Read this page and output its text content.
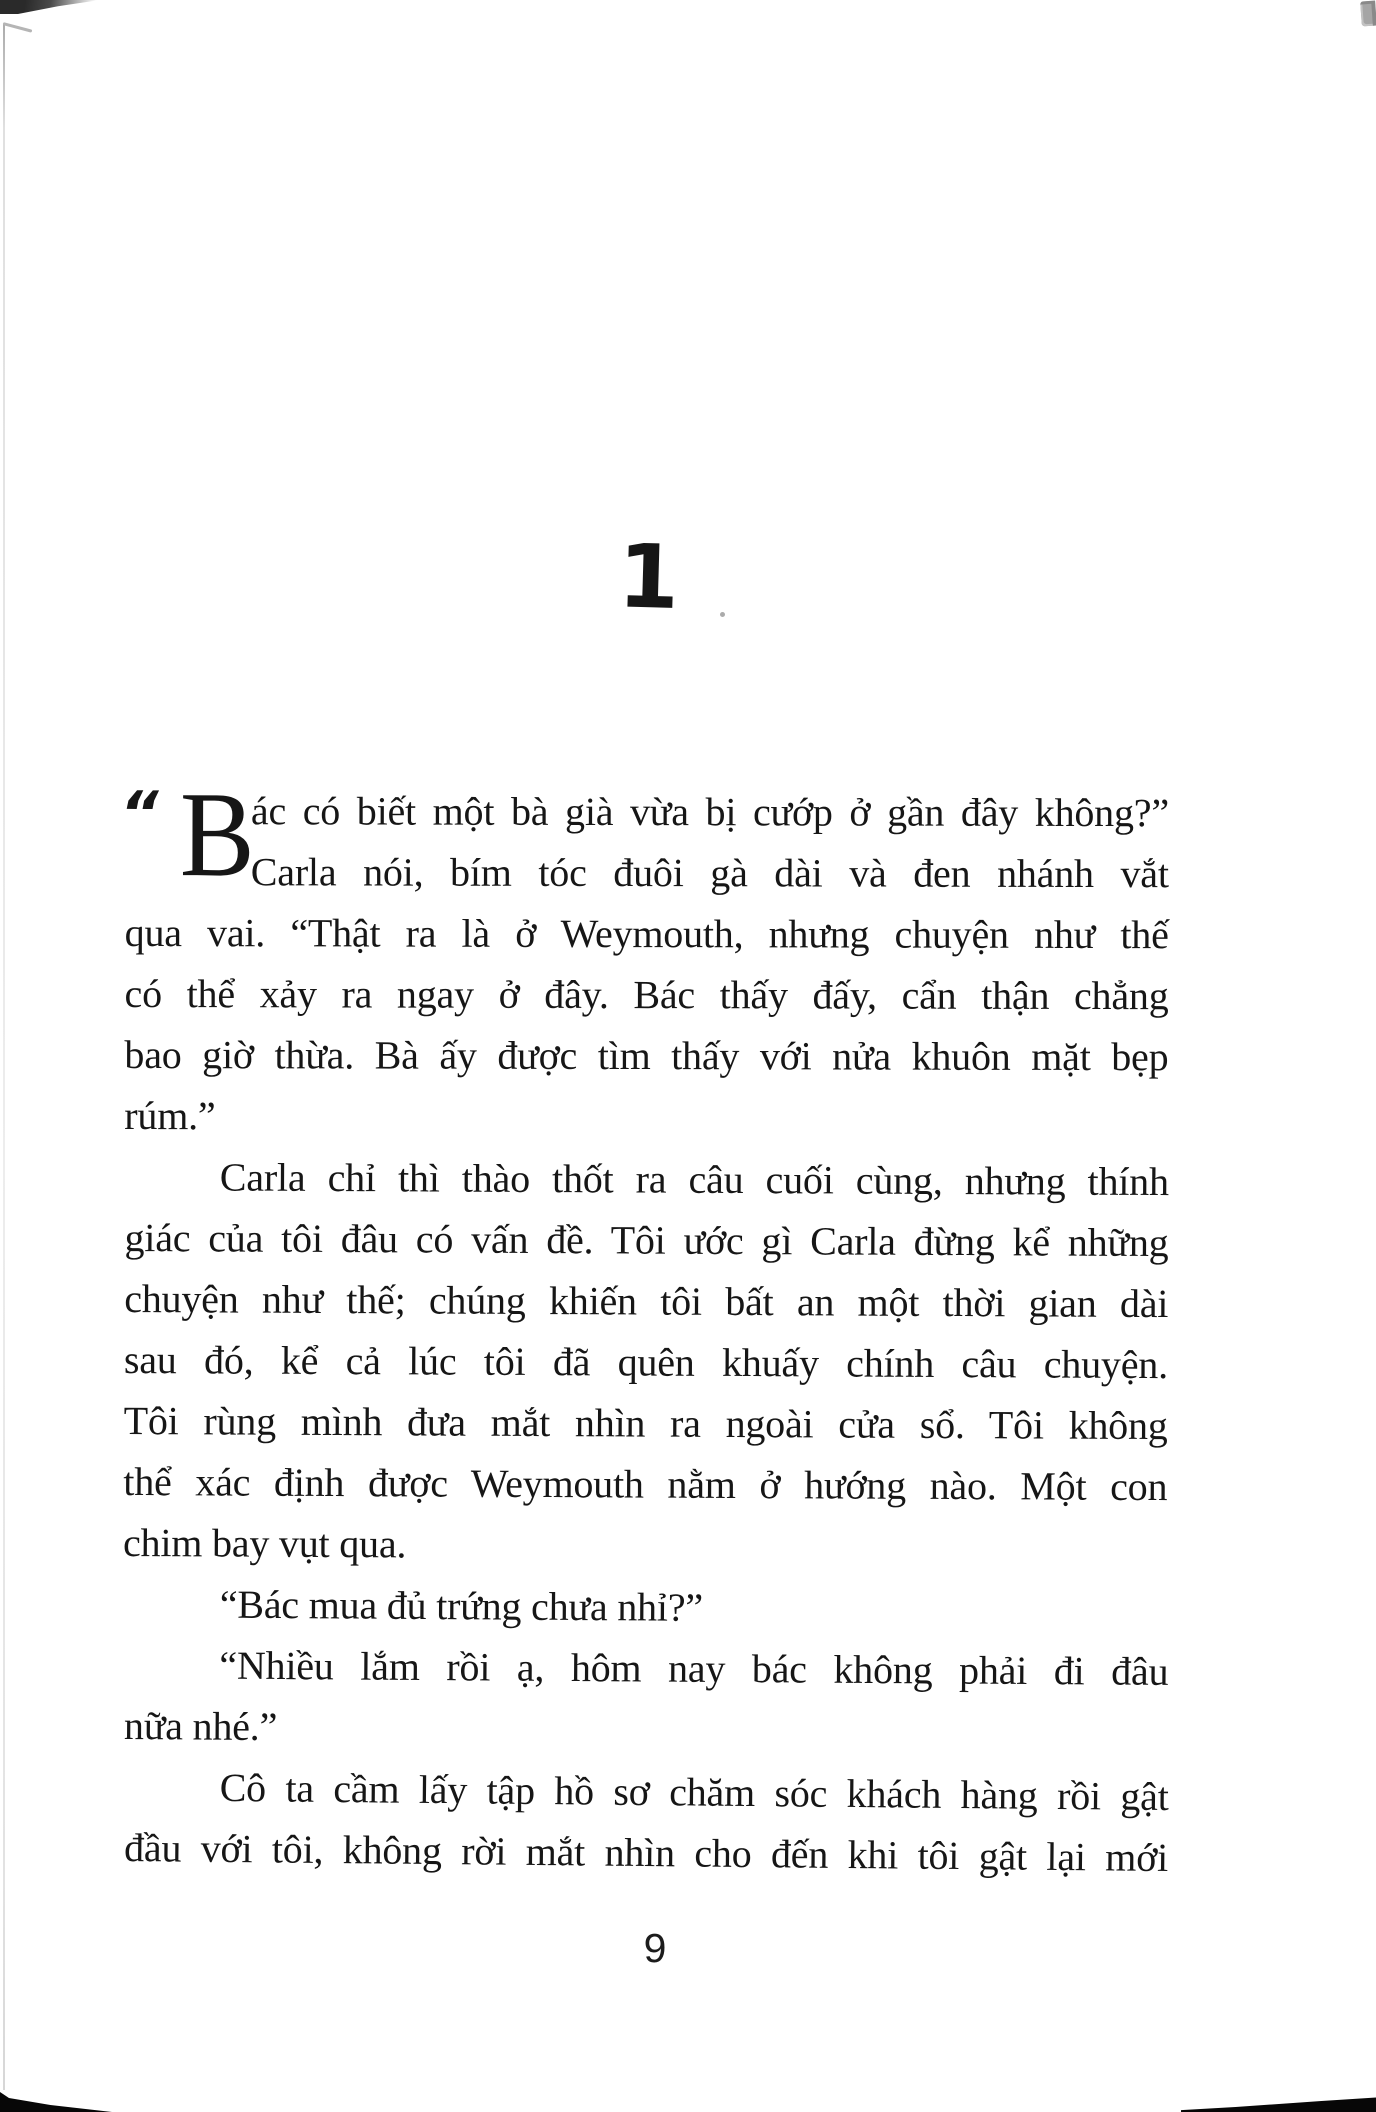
1
“ B
ác có biết một bà già vừa bị cướp ở gần đây không?”
Carla nói, bím tóc đuôi gà dài và đen nhánh vắt
qua vai. “Thật ra là ở Weymouth, nhưng chuyện như thế
có thể xảy ra ngay ở đây. Bác thấy đấy, cẩn thận chẳng
bao giờ thừa. Bà ấy được tìm thấy với nửa khuôn mặt bẹp
rúm.”
Carla chỉ thì thào thốt ra câu cuối cùng, nhưng thính
giác của tôi đâu có vấn đề. Tôi ước gì Carla đừng kể những
chuyện như thế; chúng khiến tôi bất an một thời gian dài
sau đó, kể cả lúc tôi đã quên khuấy chính câu chuyện.
Tôi rùng mình đưa mắt nhìn ra ngoài cửa sổ. Tôi không
thể xác định được Weymouth nằm ở hướng nào. Một con
chim bay vụt qua.
“Bác mua đủ trứng chưa nhỉ?”
“Nhiều lắm rồi ạ, hôm nay bác không phải đi đâu
nữa nhé.”
Cô ta cầm lấy tập hồ sơ chăm sóc khách hàng rồi gật
đầu với tôi, không rời mắt nhìn cho đến khi tôi gật lại mới
9
